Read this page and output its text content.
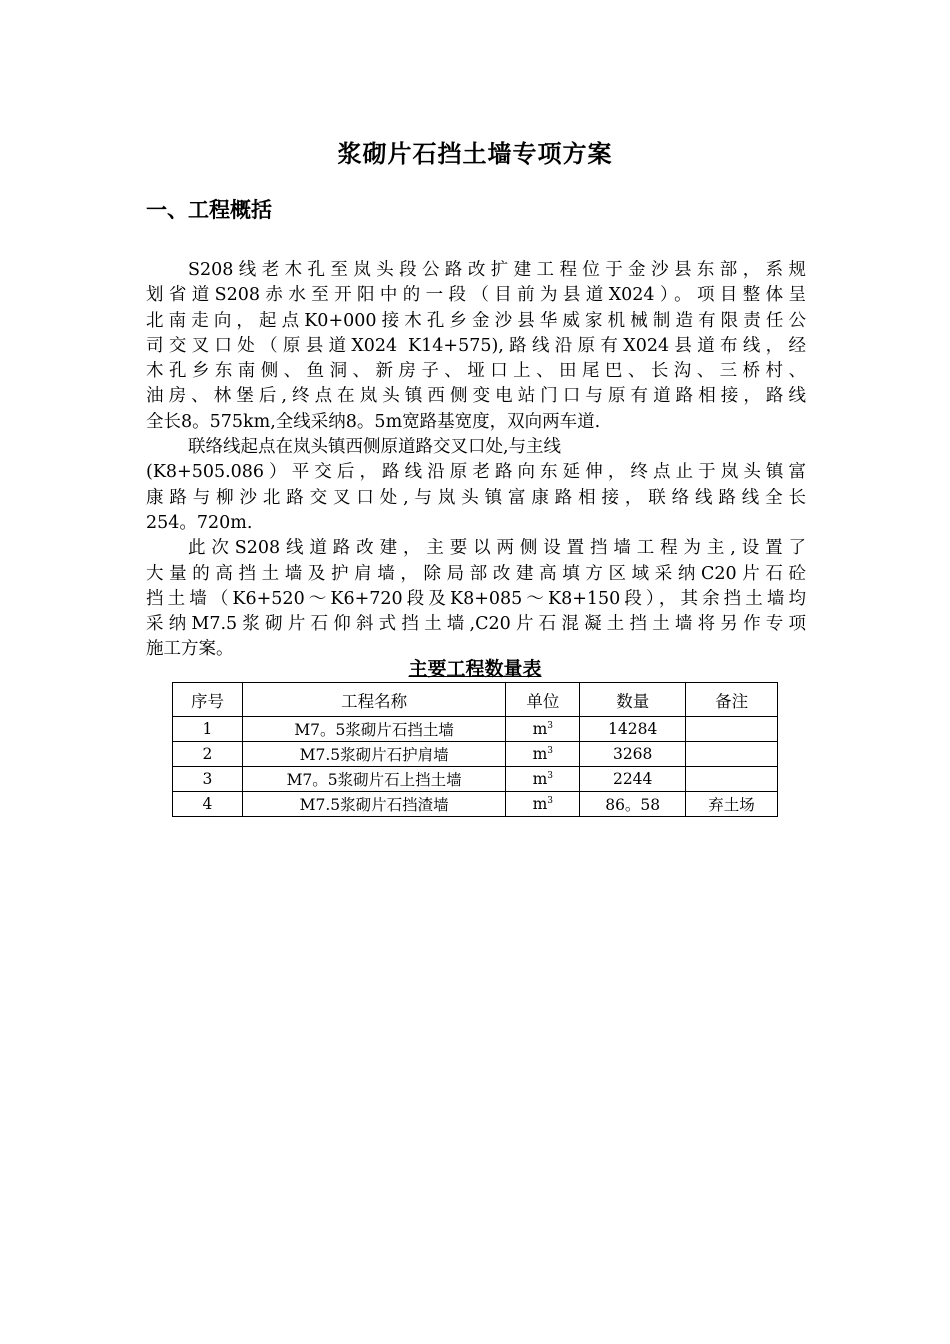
浆砌片石挡土墙专项方案
一、工程概括
S208线老木孔至岚头段公路改扩建工程位于金沙县东部，系规
划省道S208赤水至开阳中的一段（目前为县道X024）。项目整体呈
北南走向，起点K0+000接木孔乡金沙县华威家机械制造有限责任公
司交叉口处（原县道X024 K14+575),路线沿原有X024县道布线，经
木孔乡东南侧、鱼洞、新房子、垭口上、田尾巴、长沟、三桥村、
油房、林堡后,终点在岚头镇西侧变电站门口与原有道路相接，路线
全长8。575km,全线采纳8。5m宽路基宽度，双向两车道.
联络线起点在岚头镇西侧原道路交叉口处,与主线
(K8+505.086）平交后，路线沿原老路向东延伸，终点止于岚头镇富
康路与柳沙北路交叉口处,与岚头镇富康路相接，联络线路线全长
254。720m.
此次S208线道路改建，主要以两侧设置挡墙工程为主,设置了
大量的高挡土墙及护肩墙，除局部改建高填方区域采纳C20片石砼
挡土墙（K6+520～K6+720段及K8+085～K8+150段），其余挡土墙均
采纳M7.5浆砌片石仰斜式挡土墙,C20片石混凝土挡土墙将另作专项
施工方案。
主要工程数量表
序号	工程名称	单位	数量	备注
1	M7。5浆砌片石挡土墙	$m^3$	14284	
2	M7.5浆砌片石护肩墙	$m^3$	3268	
3	M7。5浆砌片石上挡土墙	$m^3$	2244	
4	M7.5浆砌片石挡渣墙	$m^3$	86。58	弃土场
